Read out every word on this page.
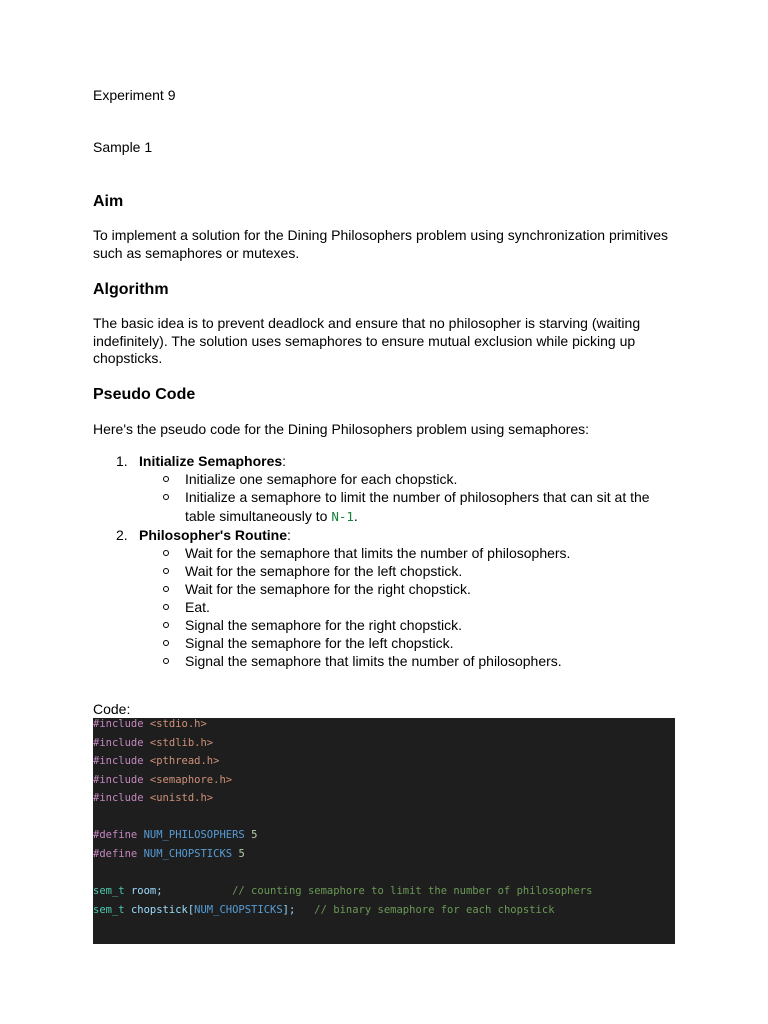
Experiment 9
Sample 1
Aim
To implement a solution for the Dining Philosophers problem using synchronization primitives such as semaphores or mutexes.
Algorithm
The basic idea is to prevent deadlock and ensure that no philosopher is starving (waiting indefinitely). The solution uses semaphores to ensure mutual exclusion while picking up chopsticks.
Pseudo Code
Here's the pseudo code for the Dining Philosophers problem using semaphores:
1. Initialize Semaphores:
Initialize one semaphore for each chopstick.
Initialize a semaphore to limit the number of philosophers that can sit at the table simultaneously to N-1.
2. Philosopher's Routine:
Wait for the semaphore that limits the number of philosophers.
Wait for the semaphore for the left chopstick.
Wait for the semaphore for the right chopstick.
Eat.
Signal the semaphore for the right chopstick.
Signal the semaphore for the left chopstick.
Signal the semaphore that limits the number of philosophers.
Code:
#include <stdio.h>
#include <stdlib.h>
#include <pthread.h>
#include <semaphore.h>
#include <unistd.h>
#define NUM_PHILOSOPHERS 5
#define NUM_CHOPSTICKS 5
sem_t room;	// counting semaphore to limit the number of philosophers
sem_t chopstick[NUM_CHOPSTICKS]; // binary semaphore for each chopstick
